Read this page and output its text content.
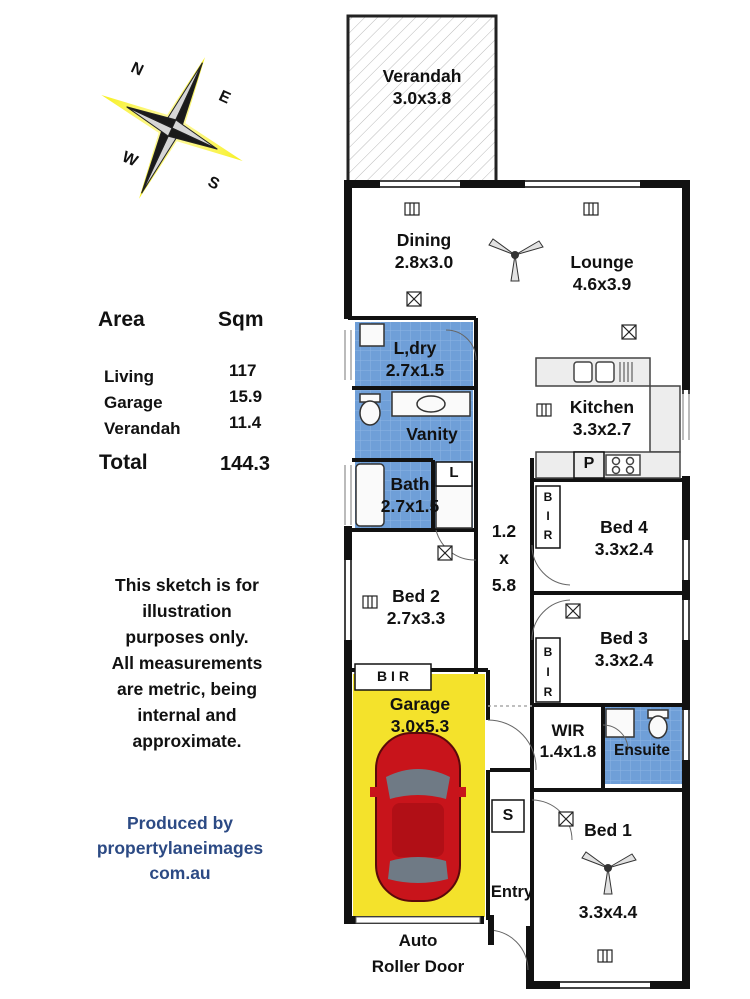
Verandah
3.0x3.8
Dining
2.8x3.0	Lounge
4.6x3.9
L,dry
2.7x1.5
Vanity
Kitchen
3.3x2.7
Bath
2.7x1.5
1.2
x
5.8
Bed 4
3.3x2.4
Bed 2
2.7x3.3
Bed 3
3.3x2.4
Garage
3.0x5.3	WIR
1.4x1.8	Ensuite
Bed 1
3.3x4.4
Entry
Auto
Roller Door
P
L
S
B I R
B
I
R
B
I
R
N
E
S
W
Area	Sqm
Living	117
Garage	15.9
Verandah	11.4
Total	144.3
This sketch is for
illustration
purposes only.
All measurements
are metric, being
internal and
approximate.
Produced by
propertylaneimages
com.au
